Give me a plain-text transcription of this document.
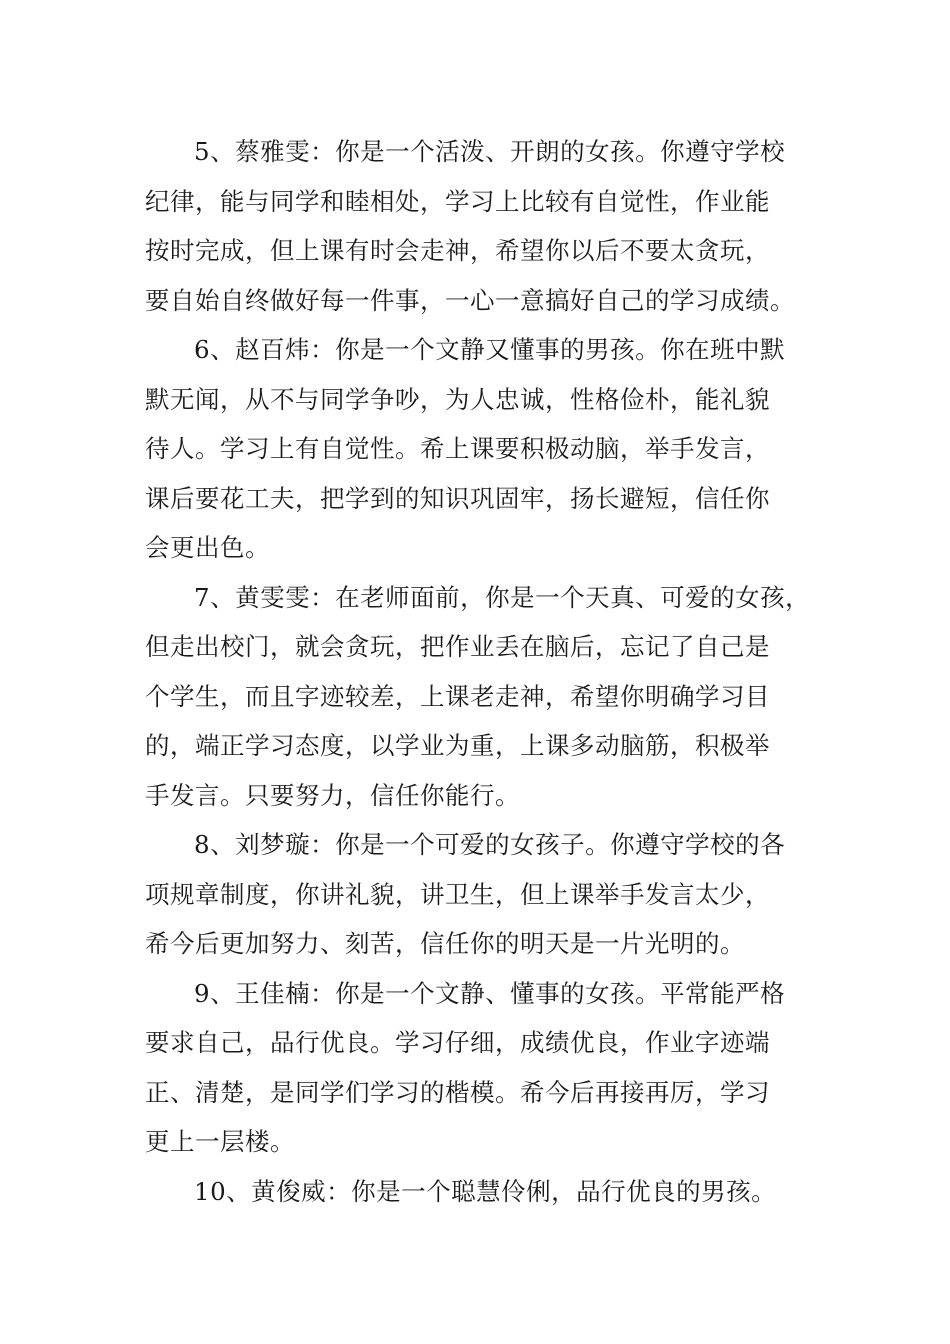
5、蔡雅雯：你是一个活泼、开朗的女孩。你遵守学校
纪律，能与同学和睦相处，学习上比较有自觉性，作业能
按时完成，但上课有时会走神，希望你以后不要太贪玩，
要自始自终做好每一件事，一心一意搞好自己的学习成绩。
6、赵百炜：你是一个文静又懂事的男孩。你在班中默
默无闻，从不与同学争吵，为人忠诚，性格俭朴，能礼貌
待人。学习上有自觉性。希上课要积极动脑，举手发言，
课后要花工夫，把学到的知识巩固牢，扬长避短，信任你
会更出色。
7、黄雯雯：在老师面前，你是一个天真、可爱的女孩，
但走出校门，就会贪玩，把作业丢在脑后，忘记了自己是
个学生，而且字迹较差，上课老走神，希望你明确学习目
的，端正学习态度，以学业为重，上课多动脑筋，积极举
手发言。只要努力，信任你能行。
8、刘梦璇：你是一个可爱的女孩子。你遵守学校的各
项规章制度，你讲礼貌，讲卫生，但上课举手发言太少，
希今后更加努力、刻苦，信任你的明天是一片光明的。
9、王佳楠：你是一个文静、懂事的女孩。平常能严格
要求自己，品行优良。学习仔细，成绩优良，作业字迹端
正、清楚，是同学们学习的楷模。希今后再接再厉，学习
更上一层楼。
10、黄俊威：你是一个聪慧伶俐，品行优良的男孩。
